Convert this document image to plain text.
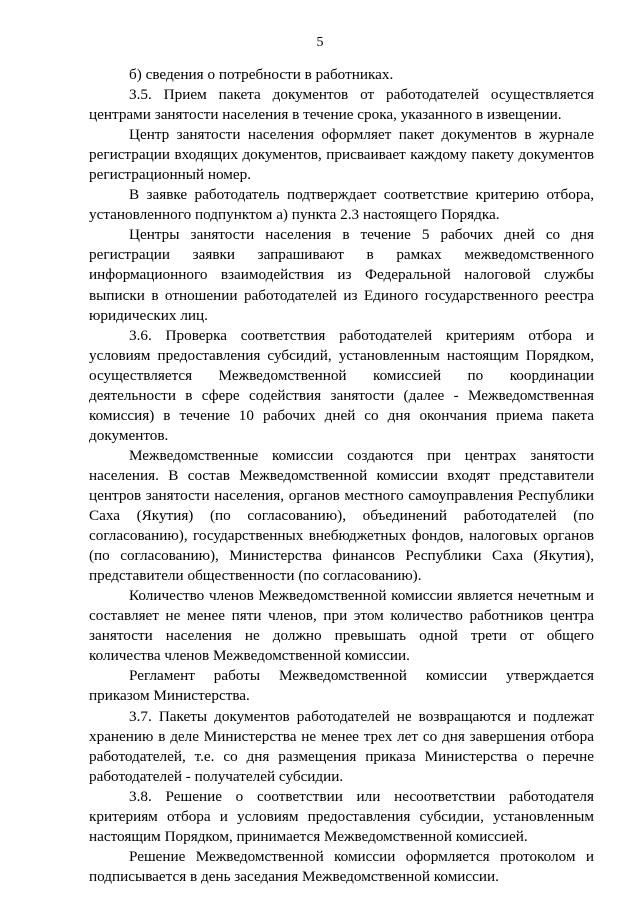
5

б) сведения о потребности в работниках.

3.5. Прием пакета документов от работодателей осуществляется центрами занятости населения в течение срока, указанного в извещении.

Центр занятости населения оформляет пакет документов в журнале регистрации входящих документов, присваивает каждому пакету документов регистрационный номер.

В заявке работодатель подтверждает соответствие критерию отбора, установленного подпунктом а) пункта 2.3 настоящего Порядка.

Центры занятости населения в течение 5 рабочих дней со дня регистрации заявки запрашивают в рамках межведомственного информационного взаимодействия из Федеральной налоговой службы выписки в отношении работодателей из Единого государственного реестра юридических лиц.

3.6. Проверка соответствия работодателей критериям отбора и условиям предоставления субсидий, установленным настоящим Порядком, осуществляется Межведомственной комиссией по координации деятельности в сфере содействия занятости (далее - Межведомственная комиссия) в течение 10 рабочих дней со дня окончания приема пакета документов.

Межведомственные комиссии создаются при центрах занятости населения. В состав Межведомственной комиссии входят представители центров занятости населения, органов местного самоуправления Республики Саха (Якутия) (по согласованию), объединений работодателей (по согласованию), государственных внебюджетных фондов, налоговых органов (по согласованию), Министерства финансов Республики Саха (Якутия), представители общественности (по согласованию).

Количество членов Межведомственной комиссии является нечетным и составляет не менее пяти членов, при этом количество работников центра занятости населения не должно превышать одной трети от общего количества членов Межведомственной комиссии.

Регламент работы Межведомственной комиссии утверждается приказом Министерства.

3.7. Пакеты документов работодателей не возвращаются и подлежат хранению в деле Министерства не менее трех лет со дня завершения отбора работодателей, т.е. со дня размещения приказа Министерства о перечне работодателей - получателей субсидии.

3.8. Решение о соответствии или несоответствии работодателя критериям отбора и условиям предоставления субсидии, установленным настоящим Порядком, принимается Межведомственной комиссией.

Решение Межведомственной комиссии оформляется протоколом и подписывается в день заседания Межведомственной комиссии.
